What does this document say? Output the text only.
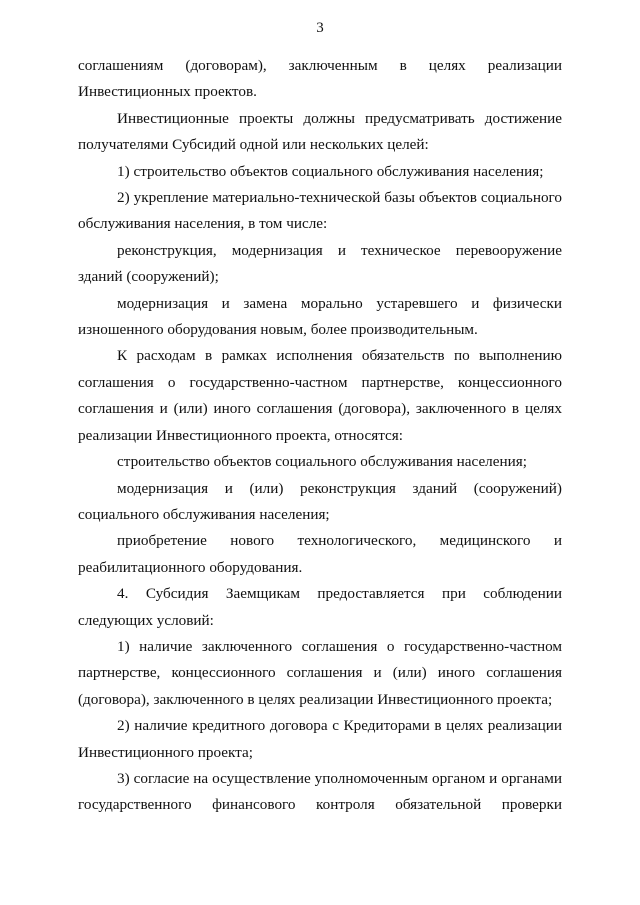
3

соглашениям (договорам), заключенным в целях реализации Инвестиционных проектов.

Инвестиционные проекты должны предусматривать достижение получателями Субсидий одной или нескольких целей:

1) строительство объектов социального обслуживания населения;

2) укрепление материально-технической базы объектов социального обслуживания населения, в том числе:

реконструкция, модернизация и техническое перевооружение зданий (сооружений);

модернизация и замена морально устаревшего и физически изношенного оборудования новым, более производительным.

К расходам в рамках исполнения обязательств по выполнению соглашения о государственно-частном партнерстве, концессионного соглашения и (или) иного соглашения (договора), заключенного в целях реализации Инвестиционного проекта, относятся:

строительство объектов социального обслуживания населения;

модернизация и (или) реконструкция зданий (сооружений) социального обслуживания населения;

приобретение нового технологического, медицинского и реабилитационного оборудования.

4. Субсидия Заемщикам предоставляется при соблюдении следующих условий:

1) наличие заключенного соглашения о государственно-частном партнерстве, концессионного соглашения и (или) иного соглашения (договора), заключенного в целях реализации Инвестиционного проекта;

2) наличие кредитного договора с Кредиторами в целях реализации Инвестиционного проекта;

3) согласие на осуществление уполномоченным органом и органами государственного финансового контроля обязательной проверки
